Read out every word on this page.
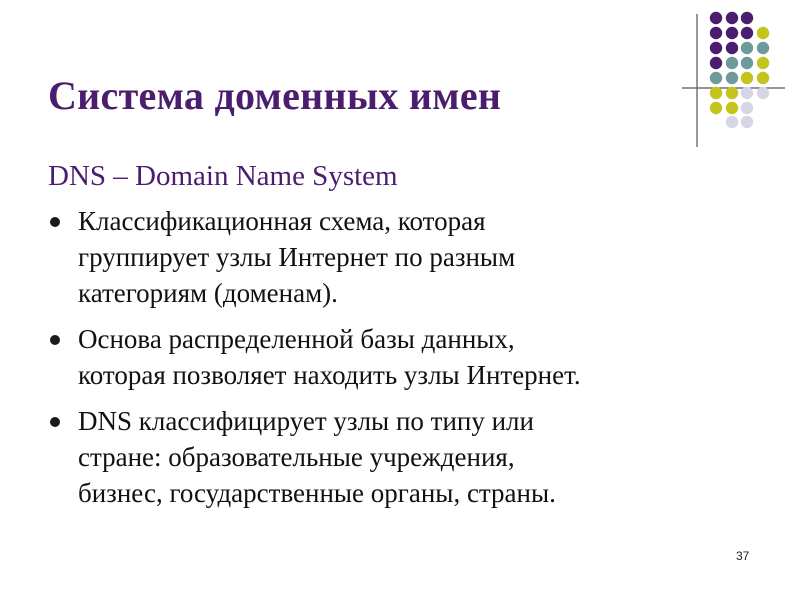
Система доменных имен
DNS – Domain Name System
Классификационная схема, которая
группирует узлы Интернет по разным
категориям (доменам).
Основа распределенной базы данных,
которая позволяет находить узлы Интернет.
DNS классифицирует узлы по типу или
стране: образовательные учреждения,
бизнес, государственные органы, страны.
37
